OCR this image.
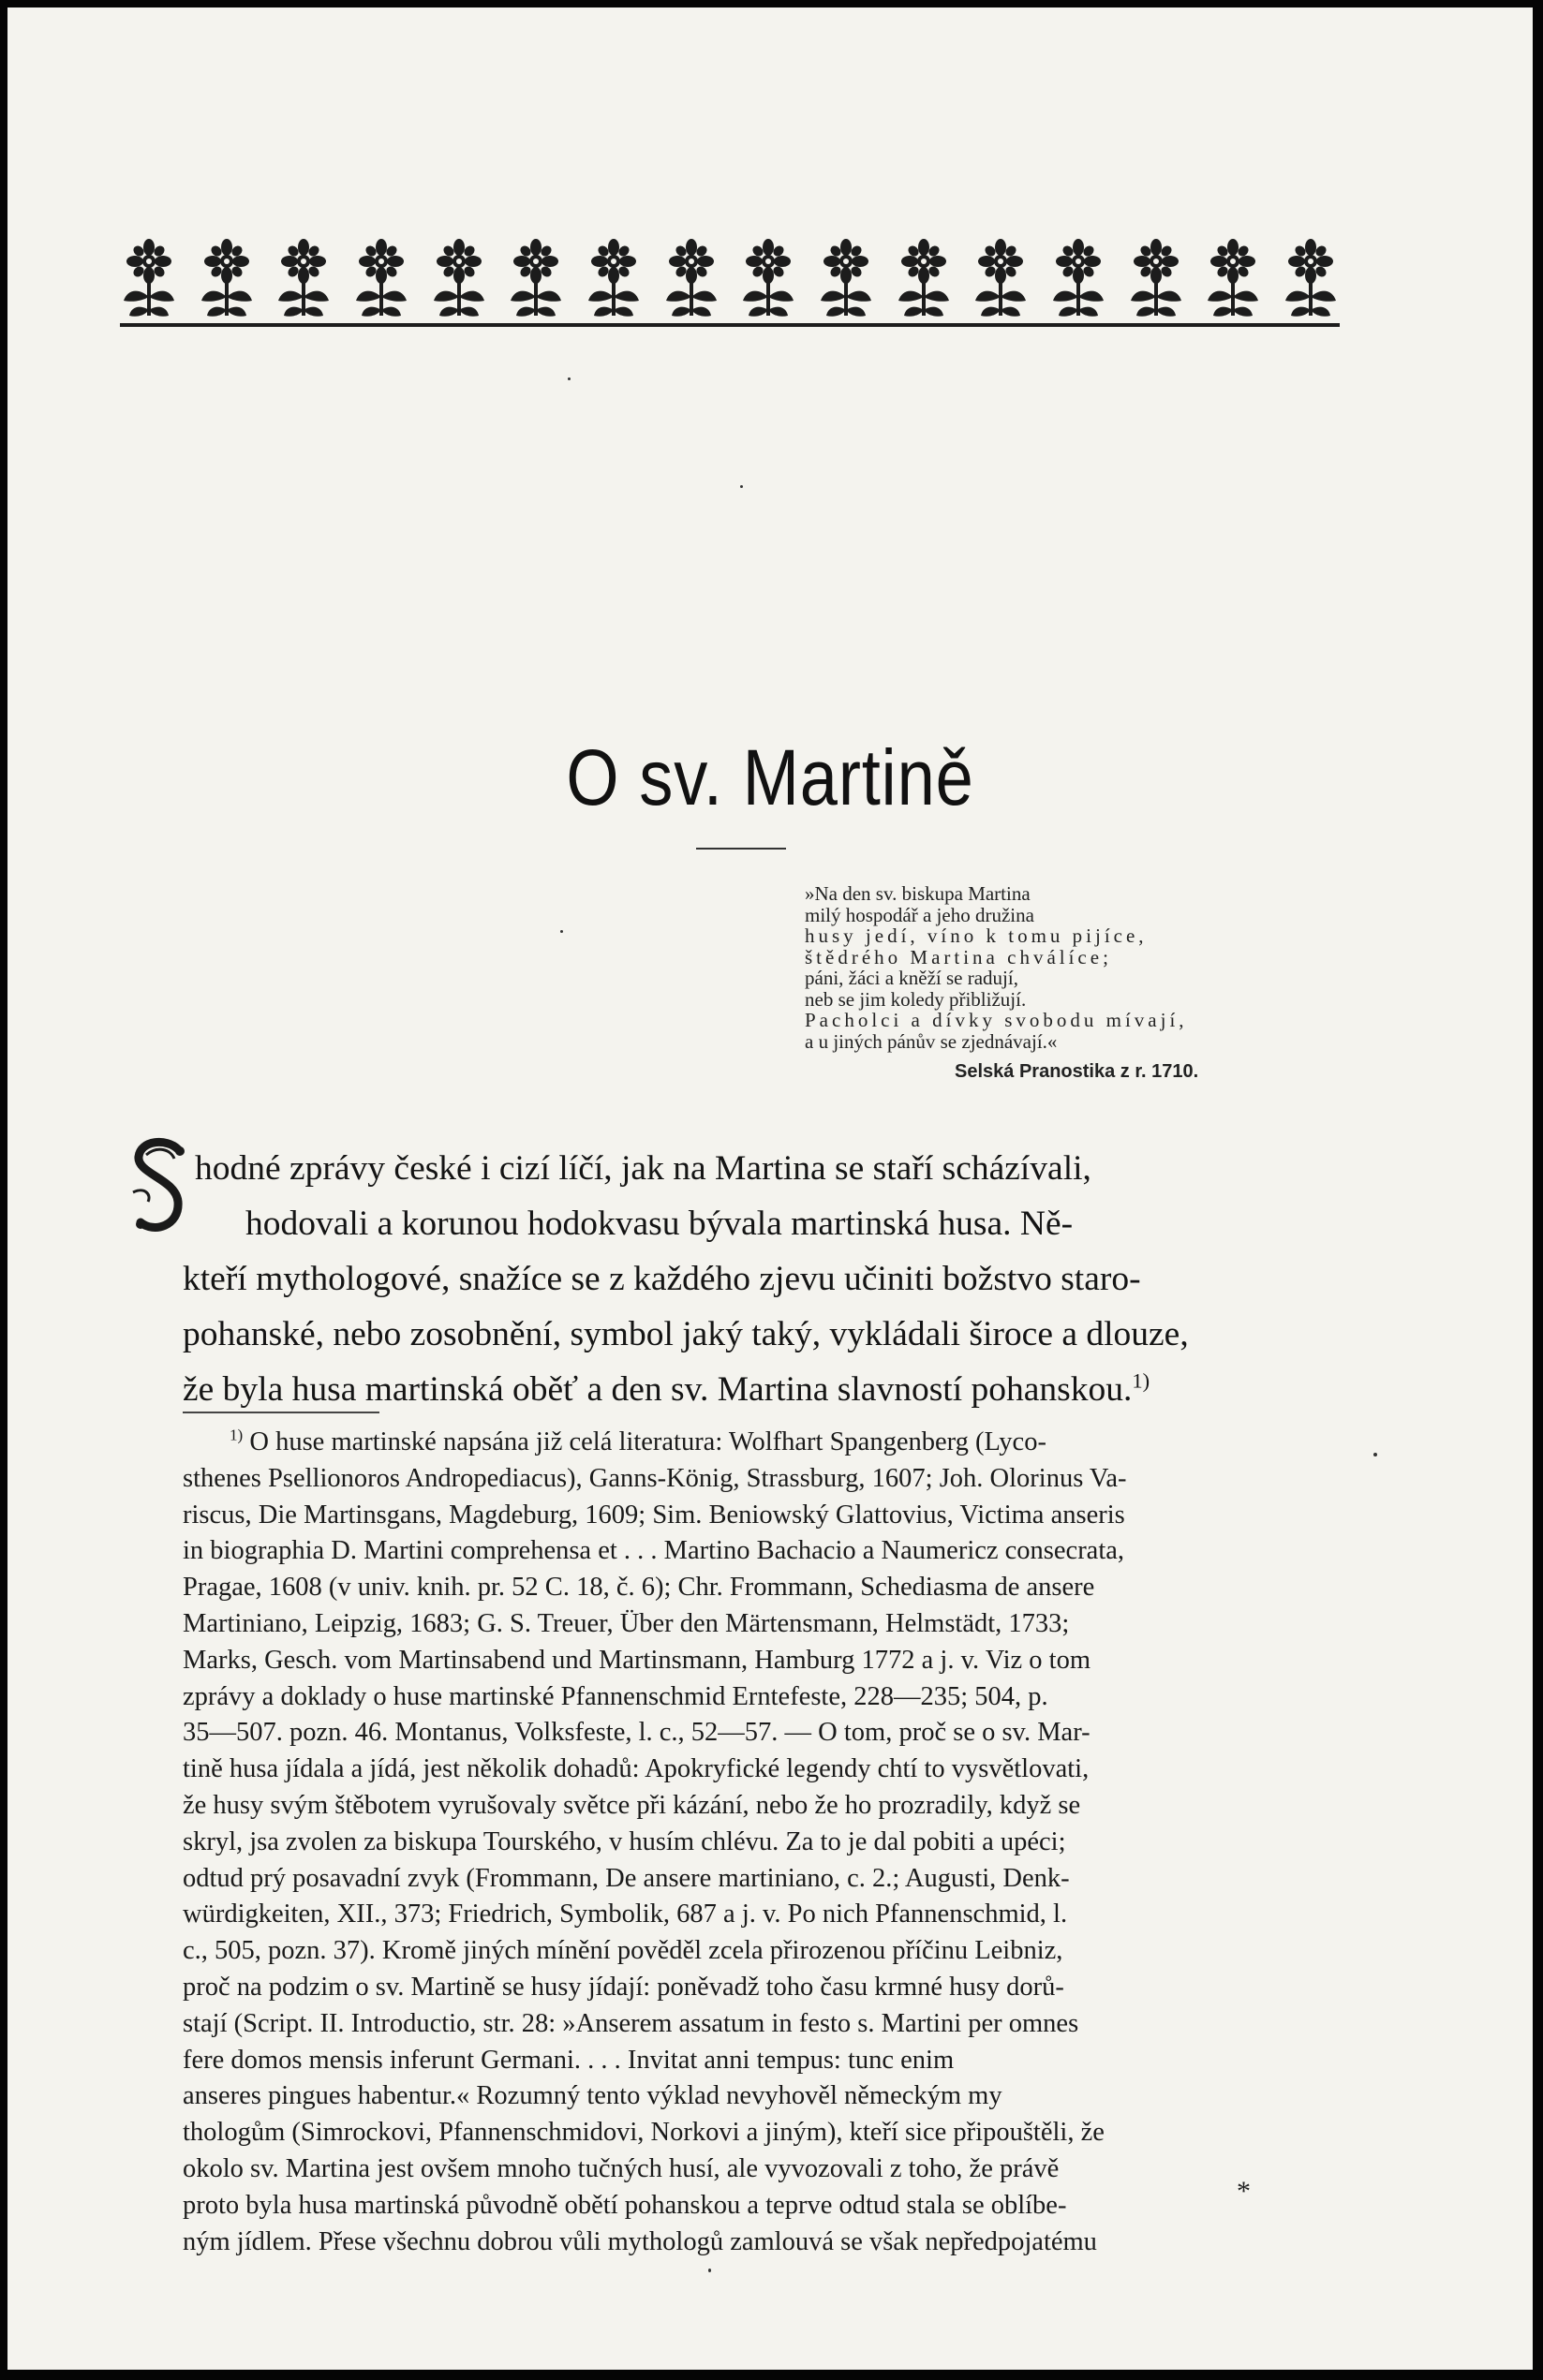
O sv. Martině
»Na den sv. biskupa Martina
milý hospodář a jeho družina
husy jedí, víno k tomu pijíce,
štědrého Martina chválíce;
páni, žáci a kněží se radují,
neb se jim koledy přibližují.
Pacholci a dívky svobodu mívají,
a u jiných pánův se zjednávají.«
Selská Pranostika z r. 1710.
hodné zprávy české i cizí líčí, jak na Martina se staří scházívali,
hodovali a korunou hodokvasu bývala martinská husa. Ně-
kteří mythologové, snažíce se z každého zjevu učiniti božstvo staro-
pohanské, nebo zosobnění, symbol jaký taký, vykládali široce a dlouze,
že byla husa martinská oběť a den sv. Martina slavností pohanskou.$^{1)}$
$^{1)}$ O huse martinské napsána již celá literatura: Wolfhart Spangenberg (Lyco-
sthenes Psellionoros Andropediacus), Ganns-König, Strassburg, 1607; Joh. Olorinus Va-
riscus, Die Martinsgans, Magdeburg, 1609; Sim. Beniowský Glattovius, Victima anseris
in biographia D. Martini comprehensa et . . . Martino Bachacio a Naumericz consecrata,
Pragae, 1608 (v univ. knih. pr. 52 C. 18, č. 6); Chr. Frommann, Schediasma de ansere
Martiniano, Leipzig, 1683; G. S. Treuer, Über den Märtensmann, Helmstädt, 1733;
Marks, Gesch. vom Martinsabend und Martinsmann, Hamburg 1772 a j. v. Viz o tom
zprávy a doklady o huse martinské Pfannenschmid Erntefeste, 228—235; 504, p.
35—507. pozn. 46. Montanus, Volksfeste, l. c., 52—57. — O tom, proč se o sv. Mar-
tině husa jídala a jídá, jest několik dohadů: Apokryfické legendy chtí to vysvětlovati,
že husy svým štěbotem vyrušovaly světce při kázání, nebo že ho prozradily, když se
skryl, jsa zvolen za biskupa Tourského, v husím chlévu. Za to je dal pobiti a upéci;
odtud prý posavadní zvyk (Frommann, De ansere martiniano, c. 2.; Augusti, Denk-
würdigkeiten, XII., 373; Friedrich, Symbolik, 687 a j. v. Po nich Pfannenschmid, l.
c., 505, pozn. 37). Kromě jiných mínění pověděl zcela přirozenou příčinu Leibniz,
proč na podzim o sv. Martině se husy jídají: poněvadž toho času krmné husy dorů-
stají (Script. II. Introductio, str. 28: »Anserem assatum in festo s. Martini per omnes
fere domos mensis inferunt Germani. . . . Invitat anni tempus: tunc enim
anseres pingues habentur.« Rozumný tento výklad nevyhověl německým my
thologům (Simrockovi, Pfannenschmidovi, Norkovi a jiným), kteří sice připouštěli, že
okolo sv. Martina jest ovšem mnoho tučných husí, ale vyvozovali z toho, že právě
proto byla husa martinská původně obětí pohanskou a teprve odtud stala se oblíbe-
ným jídlem. Přese všechnu dobrou vůli mythologů zamlouvá se však nepředpojatému
*
